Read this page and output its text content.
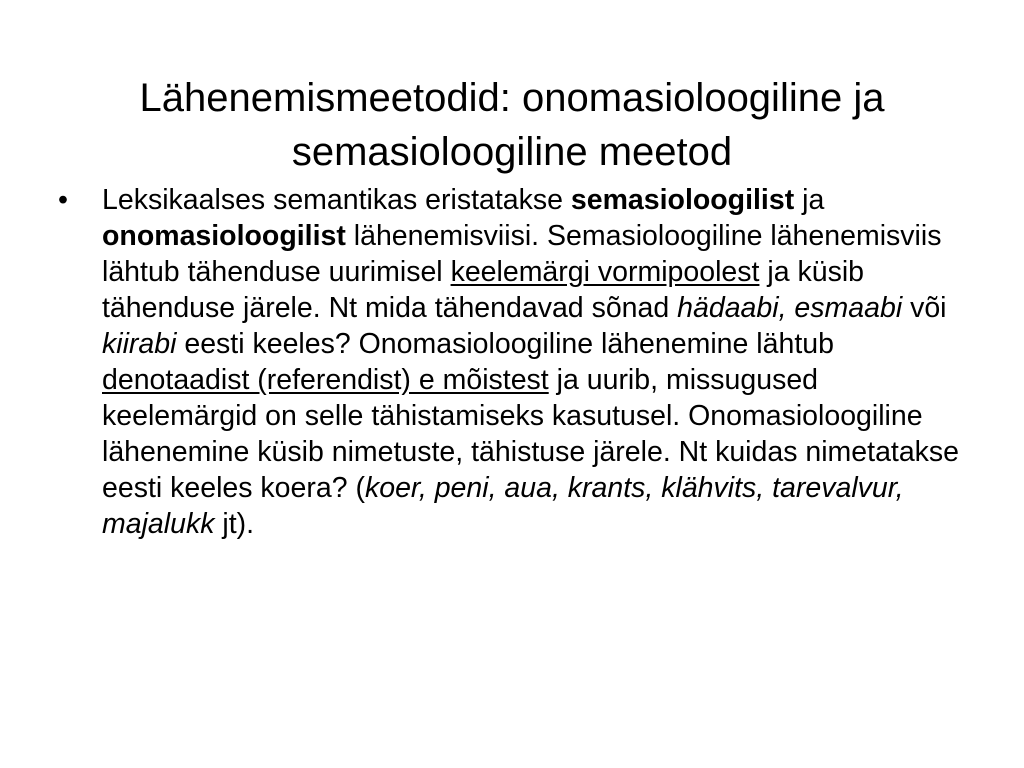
Lähenemismeetodid: onomasioloogiline ja
semasioloogiline meetod
• Leksikaalses semantikas eristatakse semasioloogilist ja onomasioloogilist lähenemisviisi. Semasioloogiline lähenemisviis lähtub tähenduse uurimisel keelemärgi vormipoolest ja küsib tähenduse järele. Nt mida tähendavad sõnad hädaabi, esmaabi või kiirabi eesti keeles? Onomasioloogiline lähenemine lähtub denotaadist (referendist) e mõistest ja uurib, missugused keelemärgid on selle tähistamiseks kasutusel. Onomasioloogiline lähenemine küsib nimetuste, tähistuse järele. Nt kuidas nimetatakse eesti keeles koera? (koer, peni, aua, krants, klähvits, tarevalvur, majalukk jt).
